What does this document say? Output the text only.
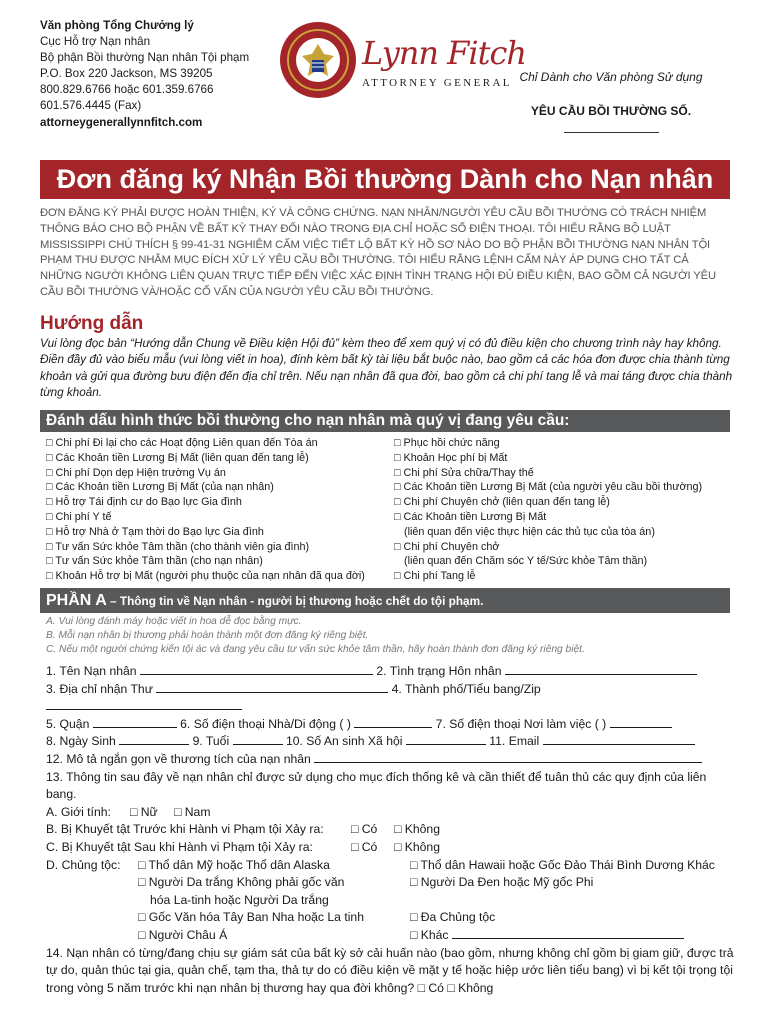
Văn phòng Tổng Chưởng lý
Cục Hỗ trợ Nạn nhân
Bộ phận Bồi thường Nạn nhân Tội phạm
P.O. Box 220 Jackson, MS 39205
800.829.6766 hoặc 601.359.6766
601.576.4445 (Fax)
attorneygenerallynnfitch.com
Lynn Fitch
ATTORNEY GENERAL Chỉ Dành cho Văn phòng Sử dụng
YÊU CẦU BỒI THƯỜNG SỐ.
Đơn đăng ký Nhận Bồi thường Dành cho Nạn nhân
ĐƠN ĐĂNG KÝ PHẢI ĐƯỢC HOÀN THIỆN, KÝ VÀ CÔNG CHỨNG. NẠN NHÂN/NGƯỜI YÊU CẦU BỒI THƯỜNG CÓ TRÁCH NHIỆM THÔNG BÁO CHO BỘ PHẬN VỀ BẤT KỲ THAY ĐỔI NÀO TRONG ĐỊA CHỈ HOẶC SỐ ĐIỆN THOẠI. TÔI HIỂU RẰNG BỘ LUẬT MISSISSIPPI CHÚ THÍCH § 99-41-31 NGHIÊM CẤM VIỆC TIẾT LỘ BẤT KỲ HỒ SƠ NÀO DO BỘ PHẬN BỒI THƯỜNG NẠN NHÂN TỘI PHẠM THU ĐƯỢC NHẰM MỤC ĐÍCH XỬ LÝ YÊU CẦU BỒI THƯỜNG. TÔI HIỂU RẰNG LỆNH CẤM NÀY ÁP DỤNG CHO TẤT CẢ NHỮNG NGƯỜI KHÔNG LIÊN QUAN TRỰC TIẾP ĐẾN VIỆC XÁC ĐỊNH TÌNH TRẠNG HỘI ĐỦ ĐIỀU KIỆN, BAO GỒM CẢ NGƯỜI YÊU CẦU BỒI THƯỜNG VÀ/HOẶC CỐ VẤN CỦA NGƯỜI YÊU CẦU BỒI THƯỜNG.
Hướng dẫn
Vui lòng đọc bản “Hướng dẫn Chung về Điều kiện Hội đủ” kèm theo để xem quý vị có đủ điều kiện cho chương trình này hay không. Điền đầy đủ vào biểu mẫu (vui lòng viết in hoa), đính kèm bất kỳ tài liệu bắt buộc nào, bao gồm cả các hóa đơn được chia thành từng khoản và gửi qua đường bưu điện đến địa chỉ trên. Nếu nạn nhân đã qua đời, bao gồm cả chi phí tang lễ và mai táng được chia thành từng khoản.
Đánh dấu hình thức bồi thường cho nạn nhân mà quý vị đang yêu cầu:
□ Chi phí Đi lại cho các Hoạt động Liên quan đến Tòa án
□ Các Khoản tiền Lương Bị Mất (liên quan đến tang lễ)
□ Chi phí Dọn dẹp Hiện trường Vụ án
□ Các Khoản tiền Lương Bị Mất (của nạn nhân)
□ Hỗ trợ Tái định cư do Bạo lực Gia đình
□ Chi phí Y tế
□ Hỗ trợ Nhà ở Tạm thời do Bạo lực Gia đình
□ Tư vấn Sức khỏe Tâm thần (cho thành viên gia đình)
□ Tư vấn Sức khỏe Tâm thần (cho nạn nhân)
□ Khoản Hỗ trợ bị Mất (người phụ thuộc của nạn nhân đã qua đời)
□ Phục hồi chức năng
□ Khoản Học phí bị Mất
□ Chi phí Sửa chữa/Thay thế
□ Các Khoản tiền Lương Bị Mất (của người yêu cầu bồi thường)
□ Chi phí Chuyên chở (liên quan đến tang lễ)
□ Các Khoản tiền Lương Bị Mất
(liên quan đến việc thực hiện các thủ tục của tòa án)
□ Chi phí Chuyên chở
(liên quan đến Chăm sóc Y tế/Sức khỏe Tâm thần)
□ Chi phí Tang lễ
PHẦN A – Thông tin về Nạn nhân - người bị thương hoặc chết do tội phạm.
A. Vui lòng đánh máy hoặc viết in hoa dễ đọc bằng mực.
B. Mỗi nạn nhân bị thương phải hoàn thành một đơn đăng ký riêng biệt.
C. Nếu một người chứng kiến tội ác và đang yêu cầu tư vấn sức khỏe tâm thần, hãy hoàn thành đơn đăng ký riêng biệt.
1. Tên Nạn nhân	2. Tình trạng Hôn nhân
3. Địa chỉ nhận Thư	4. Thành phố/Tiểu bang/Zip
5. Quận	6. Số điện thoại Nhà/Di động ( )	7. Số điện thoại Nơi làm việc ( )
8. Ngày Sinh	9. Tuổi	10. Số An sinh Xã hội	11. Email
12. Mô tả ngắn gọn về thương tích của nạn nhân
13. Thông tin sau đây về nạn nhân chỉ được sử dụng cho mục đích thống kê và cần thiết để tuân thủ các quy định của liên bang.
A. Giới tính: □ Nữ □ Nam
B. Bị Khuyết tật Trước khi Hành vi Phạm tội Xảy ra: □ Có □ Không
C. Bị Khuyết tật Sau khi Hành vi Phạm tội Xảy ra:	□ Có □ Không
D. Chủng tộc: □ Thổ dân Mỹ hoặc Thổ dân Alaska	□ Thổ dân Hawaii hoặc Gốc Đảo Thái Bình Dương Khác
□ Người Da trắng Không phải gốc văn	□ Người Da Đen hoặc Mỹ gốc Phi
hóa La-tinh hoặc Người Da trắng
□ Gốc Văn hóa Tây Ban Nha hoặc La tinh	□ Đa Chủng tộc
□ Người Châu Á	□ Khác
14. Nạn nhân có từng/đang chịu sự giám sát của bất kỳ sở cải huấn nào (bao gồm, nhưng không chỉ gồm bị giam giữ, được trả tự do, quản thúc tại gia, quản chế, tạm tha, thả tự do có điều kiện về mặt y tế hoặc hiệp ước liên tiểu bang) vì bị kết tội trọng tội trong vòng 5 năm trước khi nạn nhân bị thương hay qua đời không? □ Có □ Không
